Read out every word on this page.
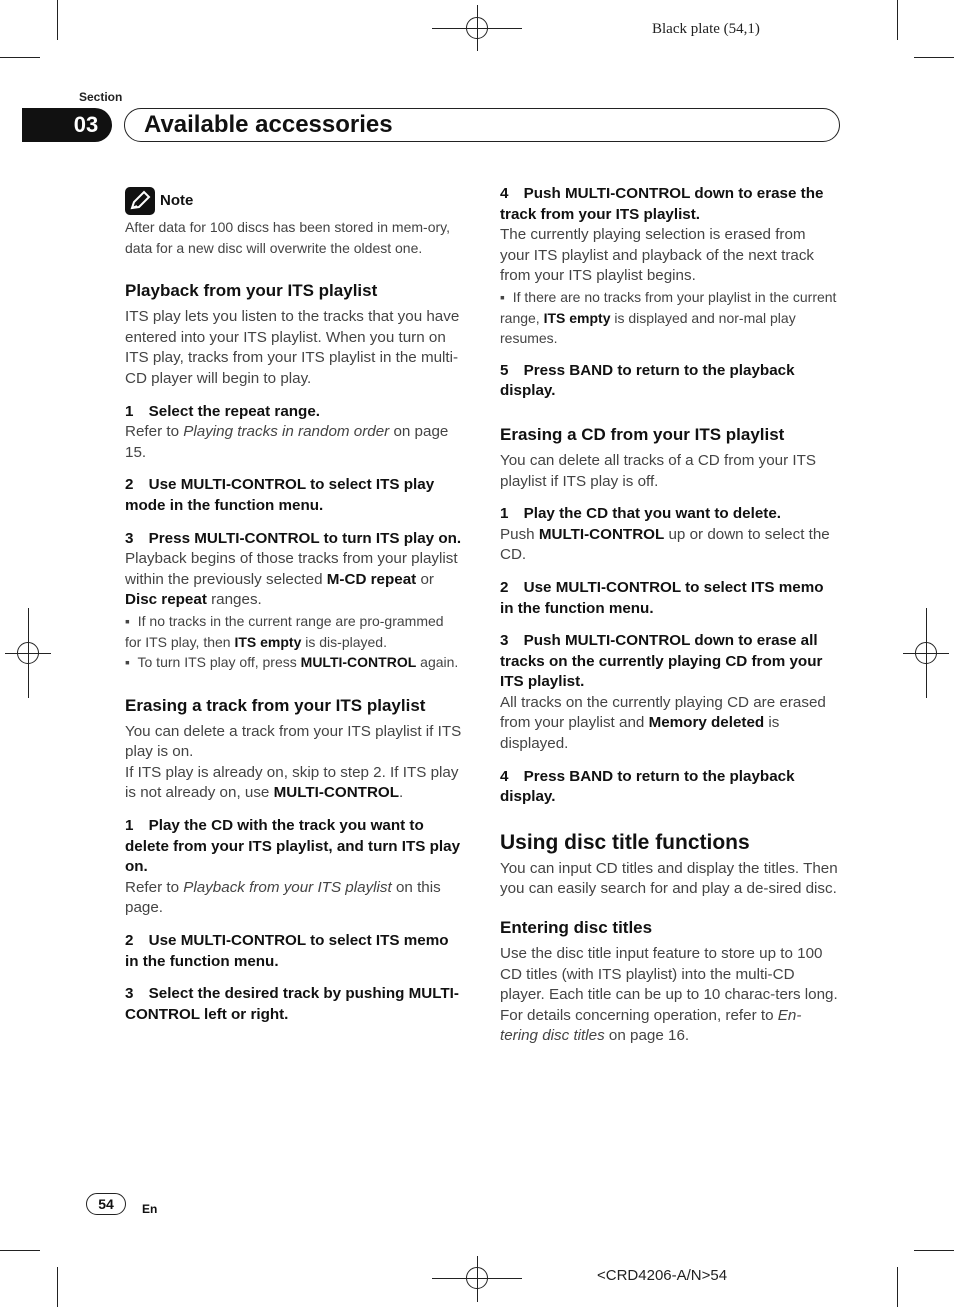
Black plate (54,1)
Section
03	Available accessories
Note

After data for 100 discs has been stored in mem-ory, data for a new disc will overwrite the oldest one.

Playback from your ITS playlist

ITS play lets you listen to the tracks that you have entered into your ITS playlist. When you turn on ITS play, tracks from your ITS playlist in the multi-CD player will begin to play.

1 Select the repeat range.

Refer to Playing tracks in random order on page 15.

2 Use MULTI-CONTROL to select ITS play mode in the function menu.

3 Press MULTI-CONTROL to turn ITS play on.

Playback begins of those tracks from your playlist within the previously selected M-CD repeat or Disc repeat ranges.

▪  If no tracks in the current range are pro-grammed for ITS play, then ITS empty is dis-played.

▪  To turn ITS play off, press MULTI-CONTROL again.

Erasing a track from your ITS playlist

You can delete a track from your ITS playlist if ITS play is on.

If ITS play is already on, skip to step 2. If ITS play is not already on, use MULTI-CONTROL.

1 Play the CD with the track you want to delete from your ITS playlist, and turn ITS play on.

Refer to Playback from your ITS playlist on this page.

2 Use MULTI-CONTROL to select ITS memo in the function menu.

3 Select the desired track by pushing MULTI-CONTROL left or right.

4 Push MULTI-CONTROL down to erase the track from your ITS playlist.

The currently playing selection is erased from your ITS playlist and playback of the next track from your ITS playlist begins.

▪  If there are no tracks from your playlist in the current range, ITS empty is displayed and nor-mal play resumes.

5 Press BAND to return to the playback display.

Erasing a CD from your ITS playlist

You can delete all tracks of a CD from your ITS playlist if ITS play is off.

1 Play the CD that you want to delete.

Push MULTI-CONTROL up or down to select the CD.

2 Use MULTI-CONTROL to select ITS memo in the function menu.

3 Push MULTI-CONTROL down to erase all tracks on the currently playing CD from your ITS playlist.

All tracks on the currently playing CD are erased from your playlist and Memory deleted is displayed.

4 Press BAND to return to the playback display.

Using disc title functions

You can input CD titles and display the titles. Then you can easily search for and play a de-sired disc.

Entering disc titles

Use the disc title input feature to store up to 100 CD titles (with ITS playlist) into the multi-CD player. Each title can be up to 10 charac-ters long.

For details concerning operation, refer to En-tering disc titles on page 16.

54	En
<CRD4206-A/N>54
